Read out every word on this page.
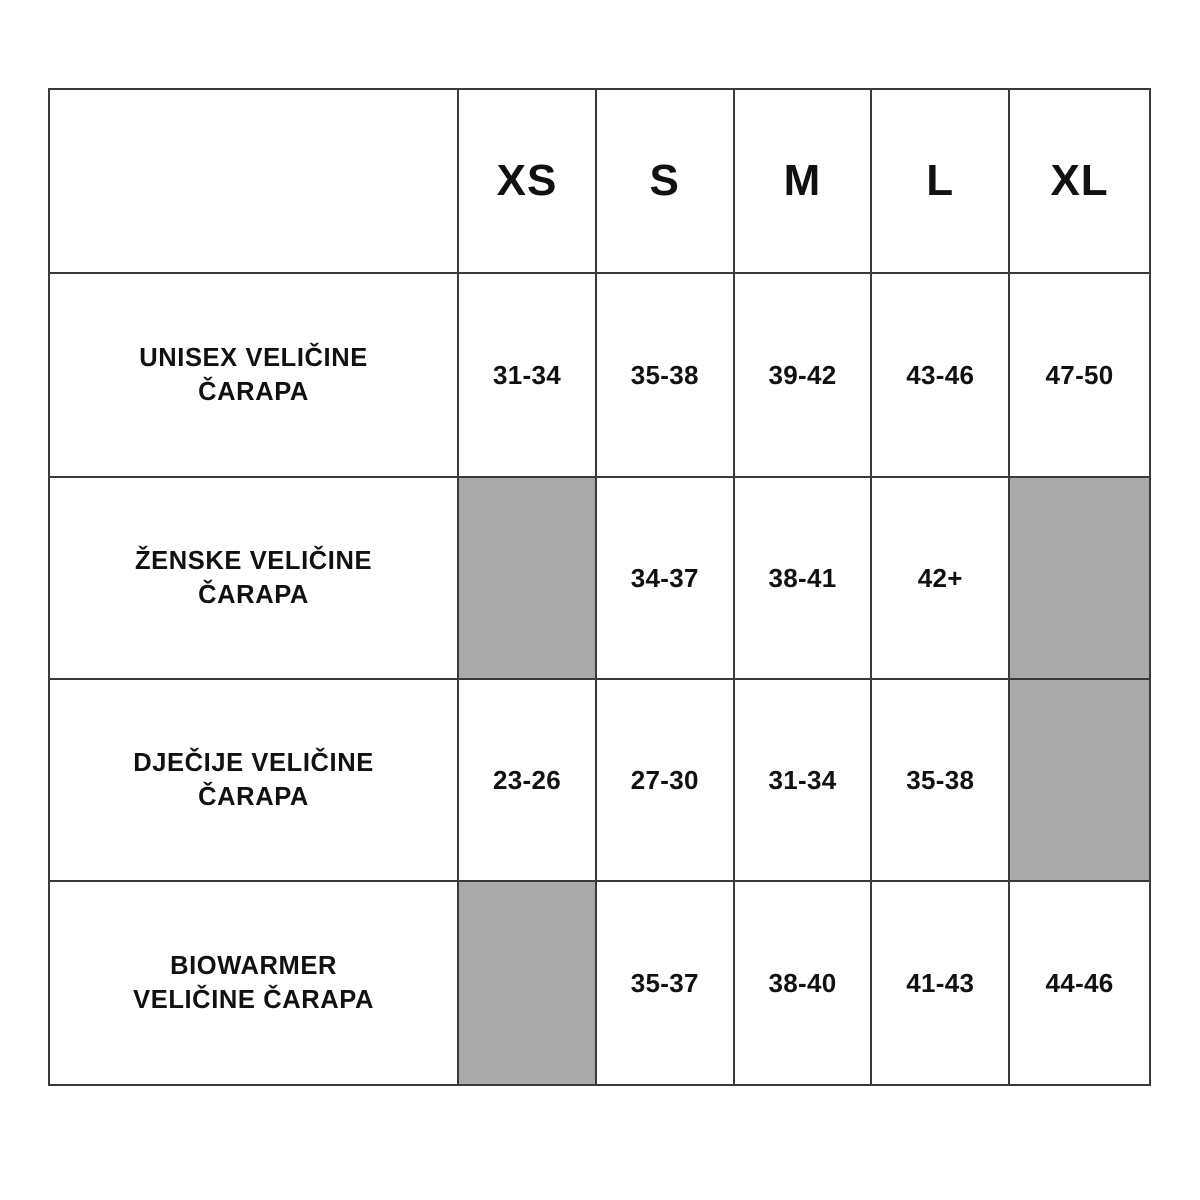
	XS	S	M	L	XL

UNISEX VELIČINE
ČARAPA	31-34	35-38	39-42	43-46	47-50

ŽENSKE VELIČINE
ČARAPA		34-37	38-41	42+	

DJEČIJE VELIČINE
ČARAPA	23-26	27-30	31-34	35-38	

BIOWARMER
VELIČINE ČARAPA		35-37	38-40	41-43	44-46
